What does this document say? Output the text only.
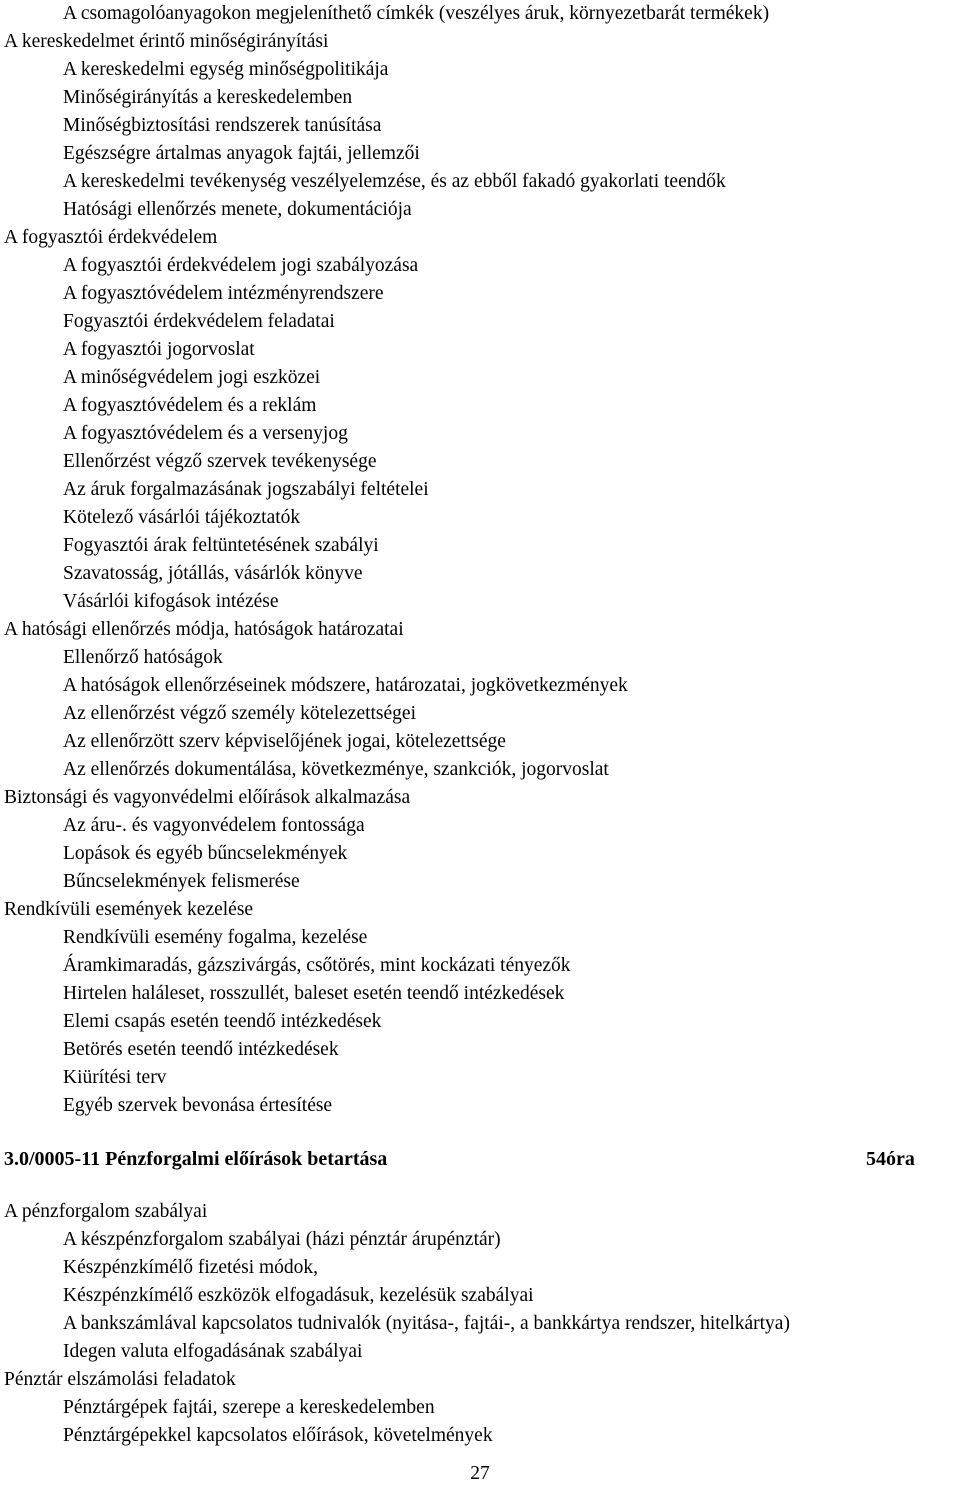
A csomagolóanyagokon megjeleníthető címkék (veszélyes áruk, környezetbarát termékek)
A kereskedelmet érintő minőségirányítási
A kereskedelmi egység minőségpolitikája
Minőségirányítás a kereskedelemben
Minőségbiztosítási rendszerek tanúsítása
Egészségre ártalmas anyagok fajtái, jellemzői
A kereskedelmi tevékenység veszélyelemzése, és az ebből fakadó gyakorlati teendők
Hatósági ellenőrzés menete, dokumentációja
A fogyasztói érdekvédelem
A fogyasztói érdekvédelem jogi szabályozása
A fogyasztóvédelem intézményrendszere
Fogyasztói érdekvédelem feladatai
A fogyasztói jogorvoslat
A minőségvédelem jogi eszközei
A fogyasztóvédelem és a reklám
A fogyasztóvédelem és a versenyjog
Ellenőrzést végző szervek tevékenysége
Az áruk forgalmazásának jogszabályi feltételei
Kötelező vásárlói tájékoztatók
Fogyasztói árak feltüntetésének szabályi
Szavatosság, jótállás, vásárlók könyve
Vásárlói kifogások intézése
A hatósági ellenőrzés módja, hatóságok határozatai
Ellenőrző hatóságok
A hatóságok ellenőrzéseinek módszere, határozatai, jogkövetkezmények
Az ellenőrzést végző személy kötelezettségei
Az ellenőrzött szerv képviselőjének jogai, kötelezettsége
Az ellenőrzés dokumentálása, következménye, szankciók, jogorvoslat
Biztonsági és vagyonvédelmi előírások alkalmazása
Az áru-. és vagyonvédelem fontossága
Lopások és egyéb bűncselekmények
Bűncselekmények felismerése
Rendkívüli események kezelése
Rendkívüli esemény fogalma, kezelése
Áramkimaradás, gázszivárgás, csőtörés, mint kockázati tényezők
Hirtelen haláleset, rosszullét, baleset esetén teendő intézkedések
Elemi csapás esetén teendő intézkedések
Betörés esetén teendő intézkedések
Kiürítési terv
Egyéb szervek bevonása értesítése
3.0/0005-11 Pénzforgalmi előírások betartása	54óra
A pénzforgalom szabályai
A készpénzforgalom szabályai (házi pénztár árupénztár)
Készpénzkímélő fizetési módok,
Készpénzkímélő eszközök elfogadásuk, kezelésük szabályai
A bankszámlával kapcsolatos tudnivalók (nyitása-, fajtái-, a bankkártya rendszer, hitelkártya)
Idegen valuta elfogadásának szabályai
Pénztár elszámolási feladatok
Pénztárgépek fajtái, szerepe a kereskedelemben
Pénztárgépekkel kapcsolatos előírások, követelmények
27
